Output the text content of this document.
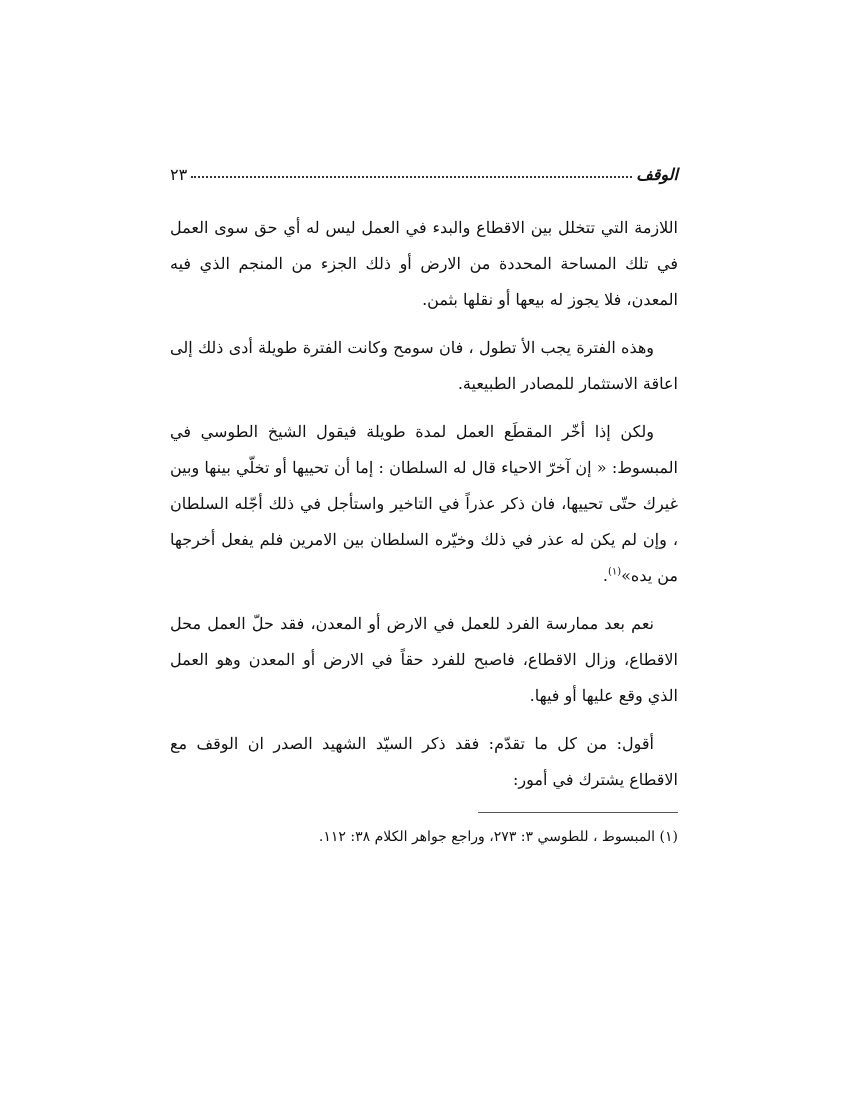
الوقف
٢٣

اللازمة التي تتخلل بين الاقطاع والبدء في العمل ليس له أي حق سوى العمل في تلك المساحة المحددة من الارض أو ذلك الجزء من المنجم الذي فيه المعدن، فلا يجوز له بيعها أو نقلها بثمن.

وهذه الفترة يجب الأ تطول ، فان سومح وكانت الفترة طويلة أدى ذلك إلى اعاقة الاستثمار للمصادر الطبيعية.

ولكن إذا أخّر المقطَع العمل لمدة طويلة فيقول الشيخ الطوسي في المبسوط: « إن آخرّ الاحياء قال له السلطان : إما أن تحييها أو تخلّي بينها وبين غيرك حتّى تحييها، فان ذكر عذراً في التاخير واستأجل في ذلك أجّله السلطان ، وإن لم يكن له عذر في ذلك وخيّره السلطان بين الامرين فلم يفعل أخرجها من يده»$^{(١)}$.

نعم بعد ممارسة الفرد للعمل في الارض أو المعدن، فقد حلّ العمل محل الاقطاع، وزال الاقطاع، فاصبح للفرد حقاً في الارض أو المعدن وهو العمل الذي وقع عليها أو فيها.

أقول: من كل ما تقدّم: فقد ذكر السيّد الشهيد الصدر ان الوقف مع الاقطاع يشترك في أمور:

(١) المبسوط ، للطوسي ٣: ٢٧٣، وراجع جواهر الكلام ٣٨: ١١٢.
